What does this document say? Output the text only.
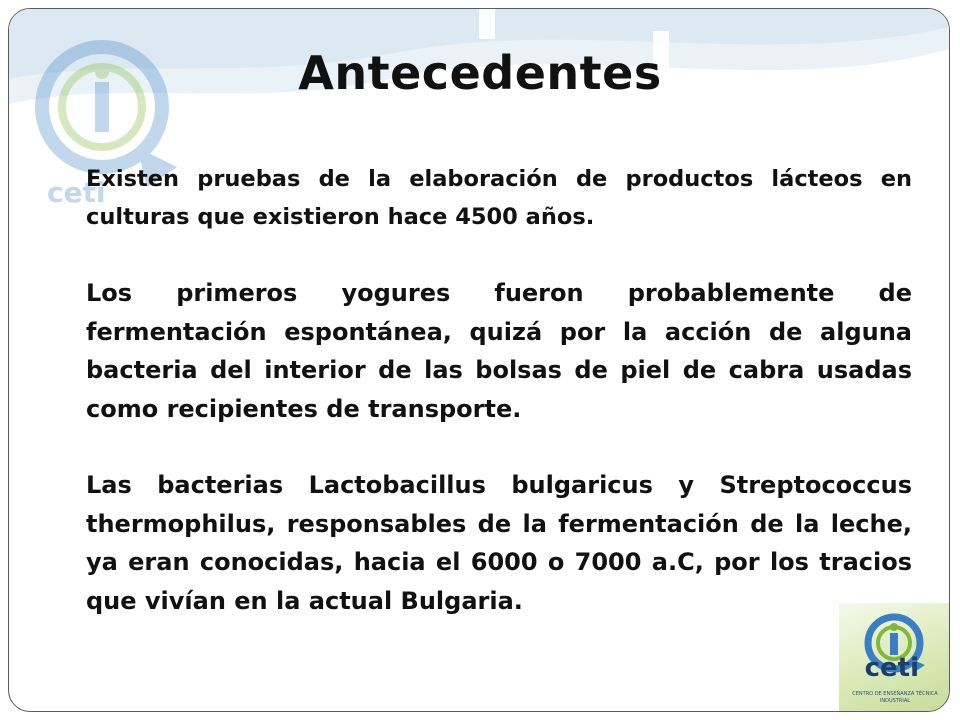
ceti
ceti
CENTRO DE ENSEÑANZA TÉCNICA INDUSTRIAL
Antecedentes

Existen pruebas de la elaboración de productos lácteos en culturas que existieron hace 4500 años.

Los primeros yogures fueron probablemente de fermentación espontánea, quizá por la acción de alguna bacteria del interior de las bolsas de piel de cabra usadas como recipientes de transporte.

Las bacterias Lactobacillus bulgaricus y Streptococcus thermophilus, responsables de la fermentación de la leche, ya eran conocidas, hacia el 6000 o 7000 a.C, por los tracios que vivían en la actual Bulgaria.
